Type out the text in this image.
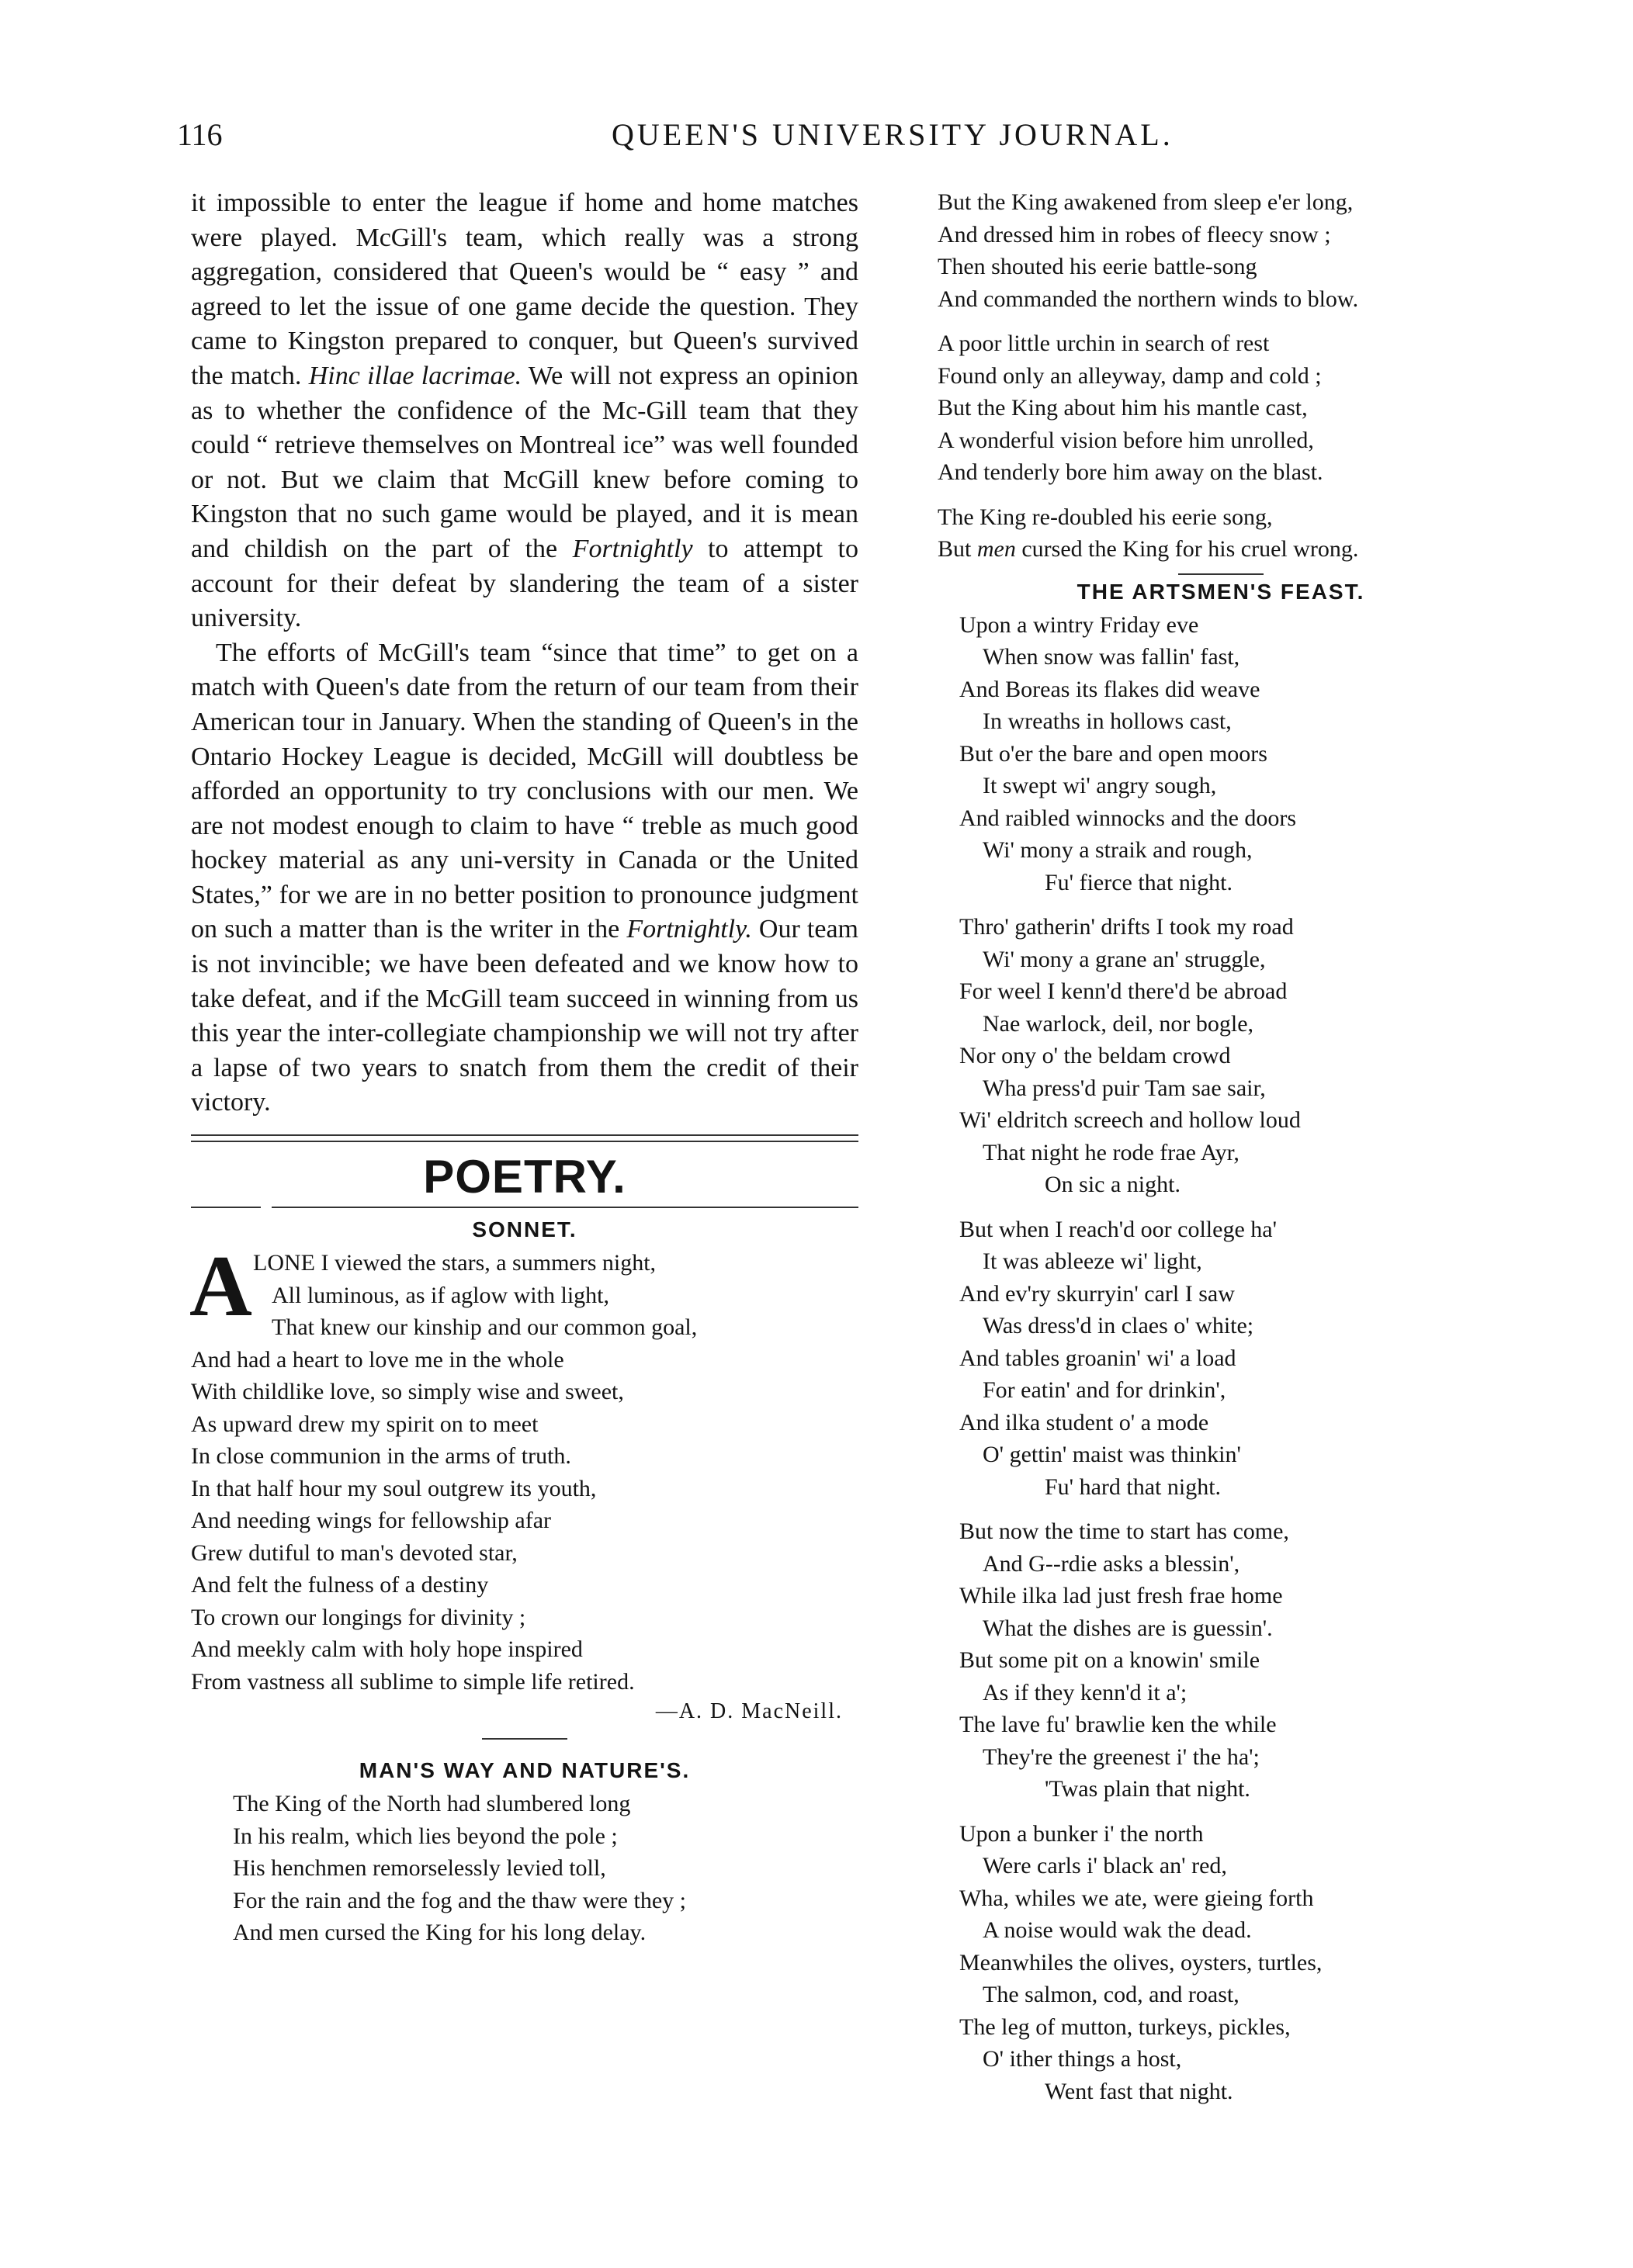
116	QUEEN'S UNIVERSITY JOURNAL.

it impossible to enter the league if home and home matches were played. McGill's team, which really was a strong aggregation, considered that Queen's would be “ easy ” and agreed to let the issue of one game decide the question. They came to Kingston prepared to conquer, but Queen's survived the match. Hinc illae lacrimae. We will not express an opinion as to whether the confidence of the Mc-Gill team that they could “ retrieve themselves on Montreal ice” was well founded or not. But we claim that McGill knew before coming to Kingston that no such game would be played, and it is mean and childish on the part of the Fortnightly to attempt to account for their defeat by slandering the team of a sister university.

The efforts of McGill's team “since that time” to get on a match with Queen's date from the return of our team from their American tour in January. When the standing of Queen's in the Ontario Hockey League is decided, McGill will doubtless be afforded an opportunity to try conclusions with our men. We are not modest enough to claim to have “ treble as much good hockey material as any uni-versity in Canada or the United States,” for we are in no better position to pronounce judgment on such a matter than is the writer in the Fortnightly. Our team is not invincible; we have been defeated and we know how to take defeat, and if the McGill team succeed in winning from us this year the inter-collegiate championship we will not try after a lapse of two years to snatch from them the credit of their victory.

POETRY.
SONNET.
A LONE I viewed the stars, a summers night,
All luminous, as if aglow with light,
That knew our kinship and our common goal,
And had a heart to love me in the whole
With childlike love, so simply wise and sweet,
As upward drew my spirit on to meet
In close communion in the arms of truth.
In that half hour my soul outgrew its youth,
And needing wings for fellowship afar
Grew dutiful to man's devoted star,
And felt the fulness of a destiny
To crown our longings for divinity ;
And meekly calm with holy hope inspired
From vastness all sublime to simple life retired.
—A. D. MacNeill.
MAN'S WAY AND NATURE'S.
The King of the North had slumbered long
In his realm, which lies beyond the pole ;
His henchmen remorselessly levied toll,
For the rain and the fog and the thaw were they ;
And men cursed the King for his long delay.
But the King awakened from sleep e'er long,
And dressed him in robes of fleecy snow ;
Then shouted his eerie battle-song
And commanded the northern winds to blow.
A poor little urchin in search of rest
Found only an alleyway, damp and cold ;
But the King about him his mantle cast,
A wonderful vision before him unrolled,
And tenderly bore him away on the blast.
The King re-doubled his eerie song,
But men cursed the King for his cruel wrong.
THE ARTSMEN'S FEAST.
Upon a wintry Friday eve
When snow was fallin' fast,
And Boreas its flakes did weave
In wreaths in hollows cast,
But o'er the bare and open moors
It swept wi' angry sough,
And raibled winnocks and the doors
Wi' mony a straik and rough,
Fu' fierce that night.
Thro' gatherin' drifts I took my road
Wi' mony a grane an' struggle,
For weel I kenn'd there'd be abroad
Nae warlock, deil, nor bogle,
Nor ony o' the beldam crowd
Wha press'd puir Tam sae sair,
Wi' eldritch screech and hollow loud
That night he rode frae Ayr,
On sic a night.
But when I reach'd oor college ha'
It was ableeze wi' light,
And ev'ry skurryin' carl I saw
Was dress'd in claes o' white;
And tables groanin' wi' a load
For eatin' and for drinkin',
And ilka student o' a mode
O' gettin' maist was thinkin'
Fu' hard that night.
But now the time to start has come,
And G--rdie asks a blessin',
While ilka lad just fresh frae home
What the dishes are is guessin'.
But some pit on a knowin' smile
As if they kenn'd it a';
The lave fu' brawlie ken the while
They're the greenest i' the ha';
'Twas plain that night.
Upon a bunker i' the north
Were carls i' black an' red,
Wha, whiles we ate, were gieing forth
A noise would wak the dead.
Meanwhiles the olives, oysters, turtles,
The salmon, cod, and roast,
The leg of mutton, turkeys, pickles,
O' ither things a host,
Went fast that night.
